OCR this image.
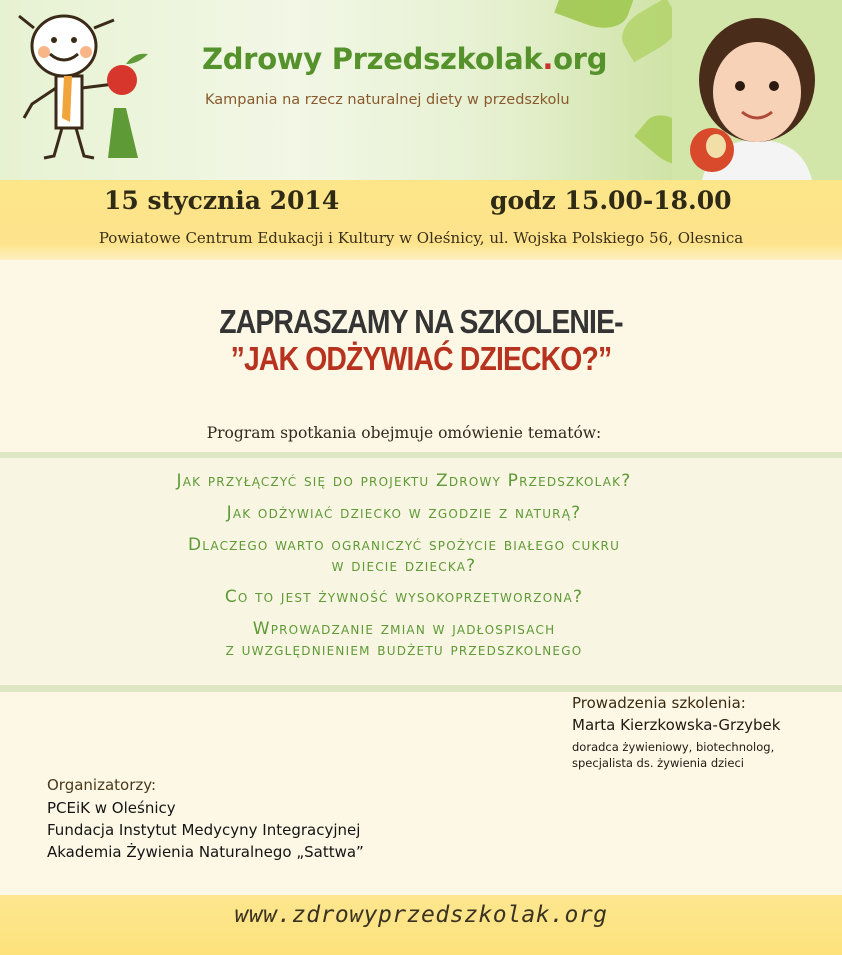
Zdrowy Przedszkolak.org
Kampania na rzecz naturalnej diety w przedszkolu
15 stycznia 2014	godz 15.00-18.00
Powiatowe Centrum Edukacji i Kultury w Oleśnicy, ul. Wojska Polskiego 56, Olesnica
ZAPRASZAMY NA SZKOLENIE-
”JAK ODŻYWIAĆ DZIECKO?”
Program spotkania obejmuje omówienie tematów:
Jak przyłączyć się do projektu Zdrowy Przedszkolak?
Jak odżywiać dziecko w zgodzie z naturą?
Dlaczego warto ograniczyć spożycie białego cukru
w diecie dziecka?
Co to jest żywność wysokoprzetworzona?
Wprowadzanie zmian w jadłospisach
z uwzględnieniem budżetu przedszkolnego
Prowadzenia szkolenia:
Marta Kierzkowska-Grzybek
doradca żywieniowy, biotechnolog,
specjalista ds. żywienia dzieci
Organizatorzy:
PCEiK w Oleśnicy
Fundacja Instytut Medycyny Integracyjnej
Akademia Żywienia Naturalnego „Sattwa”
www.zdrowyprzedszkolak.org
